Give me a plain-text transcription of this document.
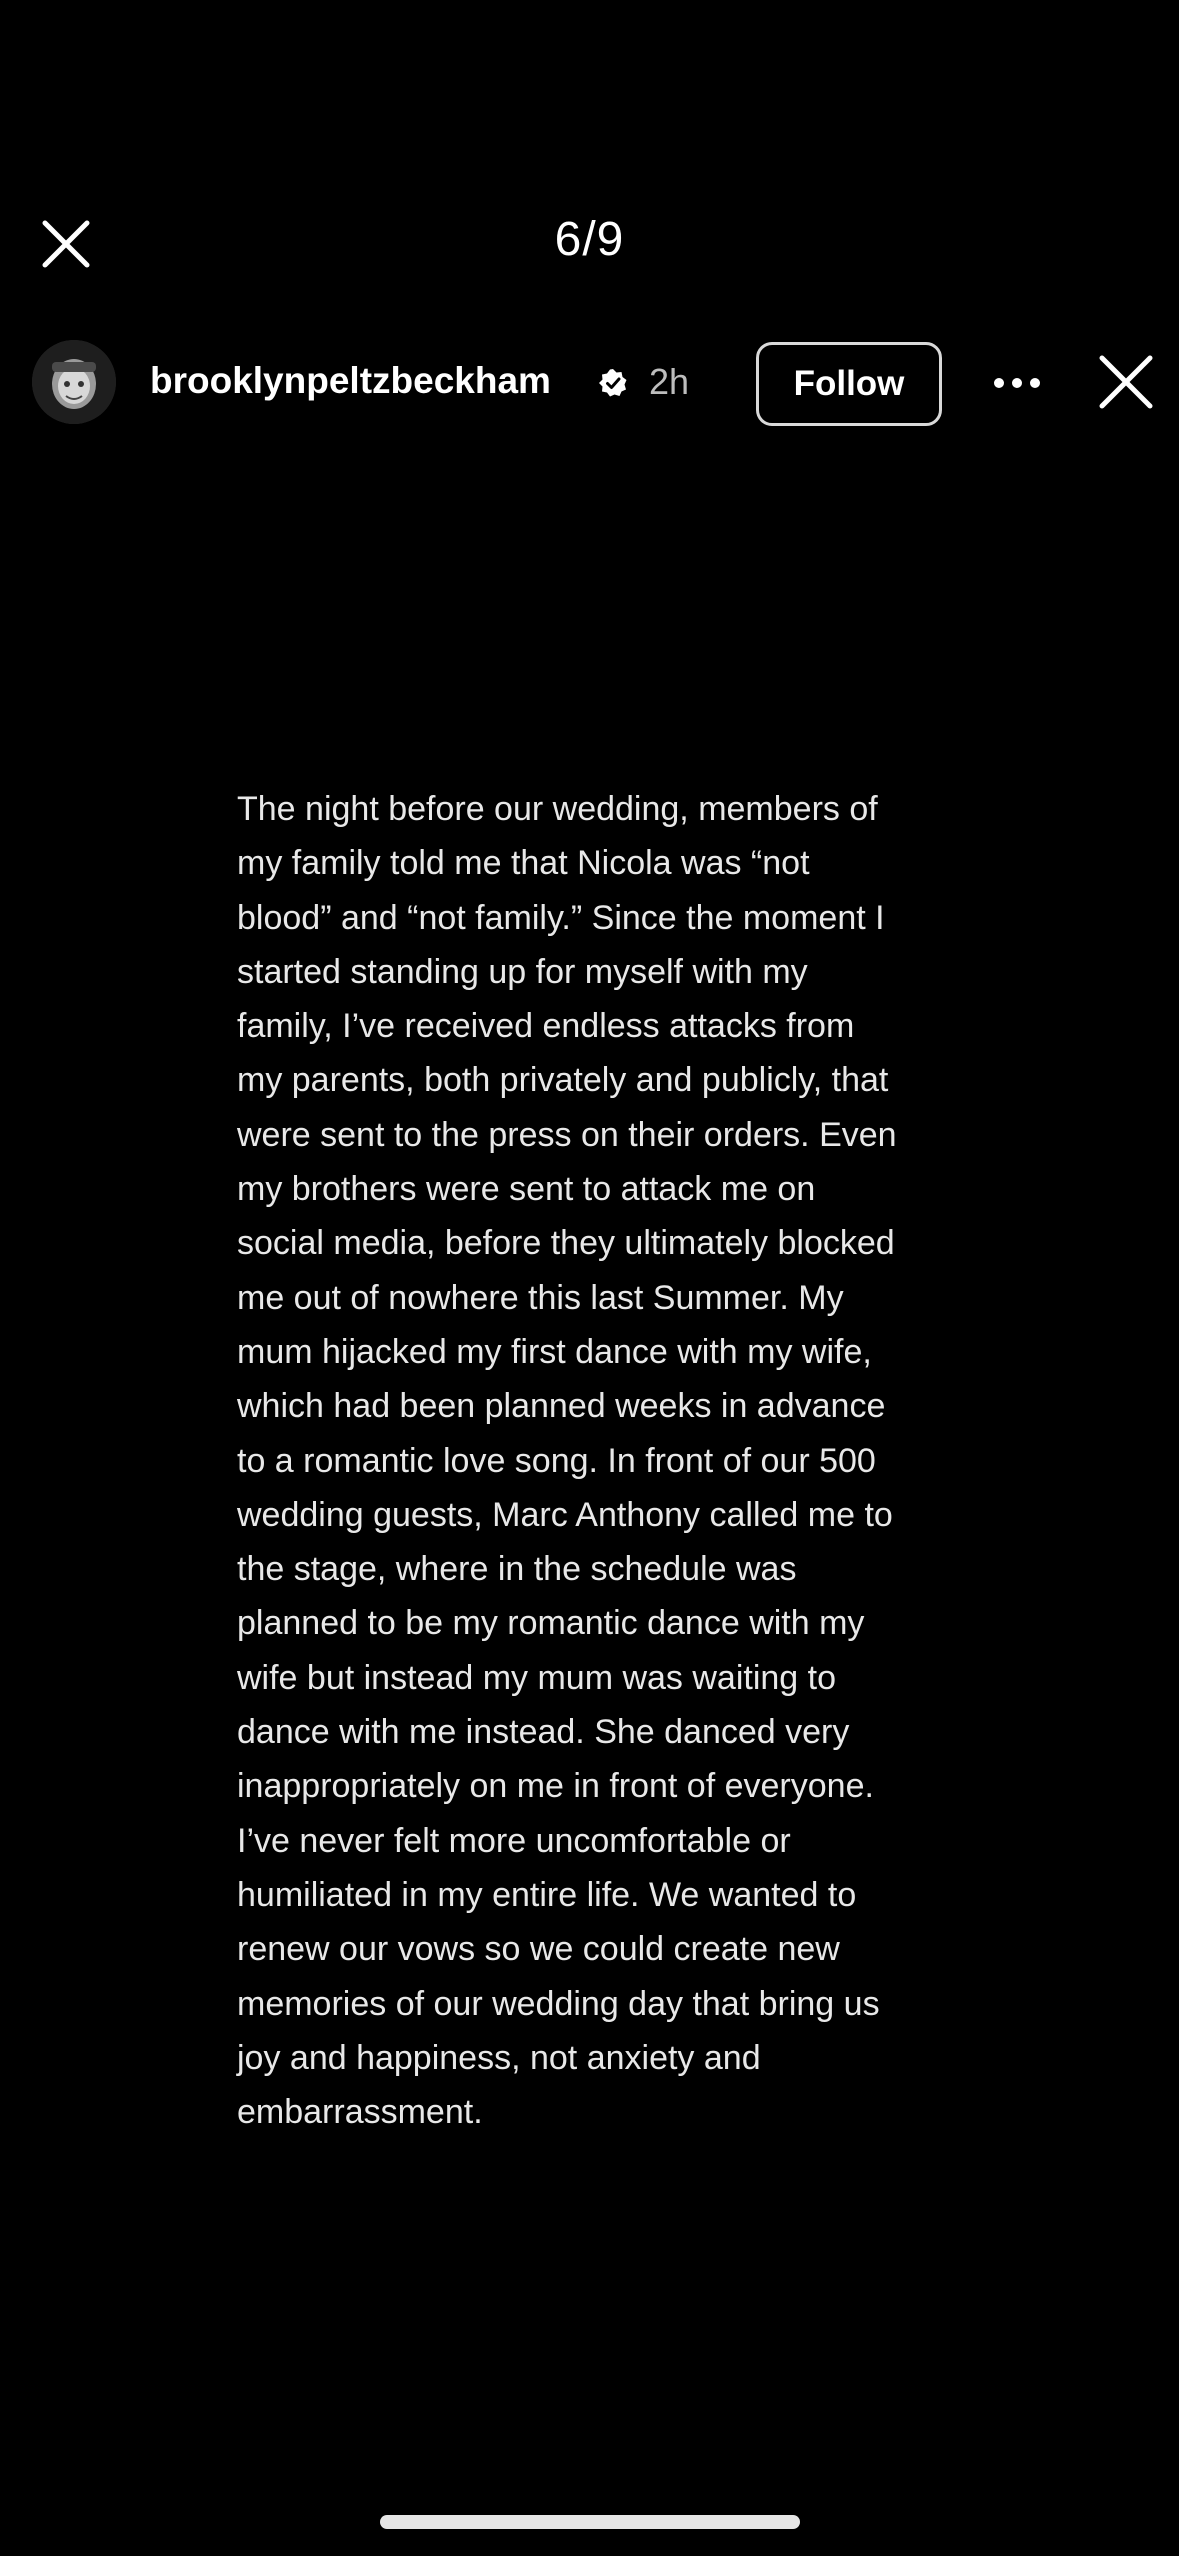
6/9
brooklynpeltzbeckham	2h	Follow

The night before our wedding, members of
my family told me that Nicola was “not
blood” and “not family.” Since the moment I
started standing up for myself with my
family, I’ve received endless attacks from
my parents, both privately and publicly, that
were sent to the press on their orders. Even
my brothers were sent to attack me on
social media, before they ultimately blocked
me out of nowhere this last Summer. My
mum hijacked my first dance with my wife,
which had been planned weeks in advance
to a romantic love song. In front of our 500
wedding guests, Marc Anthony called me to
the stage, where in the schedule was
planned to be my romantic dance with my
wife but instead my mum was waiting to
dance with me instead. She danced very
inappropriately on me in front of everyone.
I’ve never felt more uncomfortable or
humiliated in my entire life. We wanted to
renew our vows so we could create new
memories of our wedding day that bring us
joy and happiness, not anxiety and
embarrassment.
